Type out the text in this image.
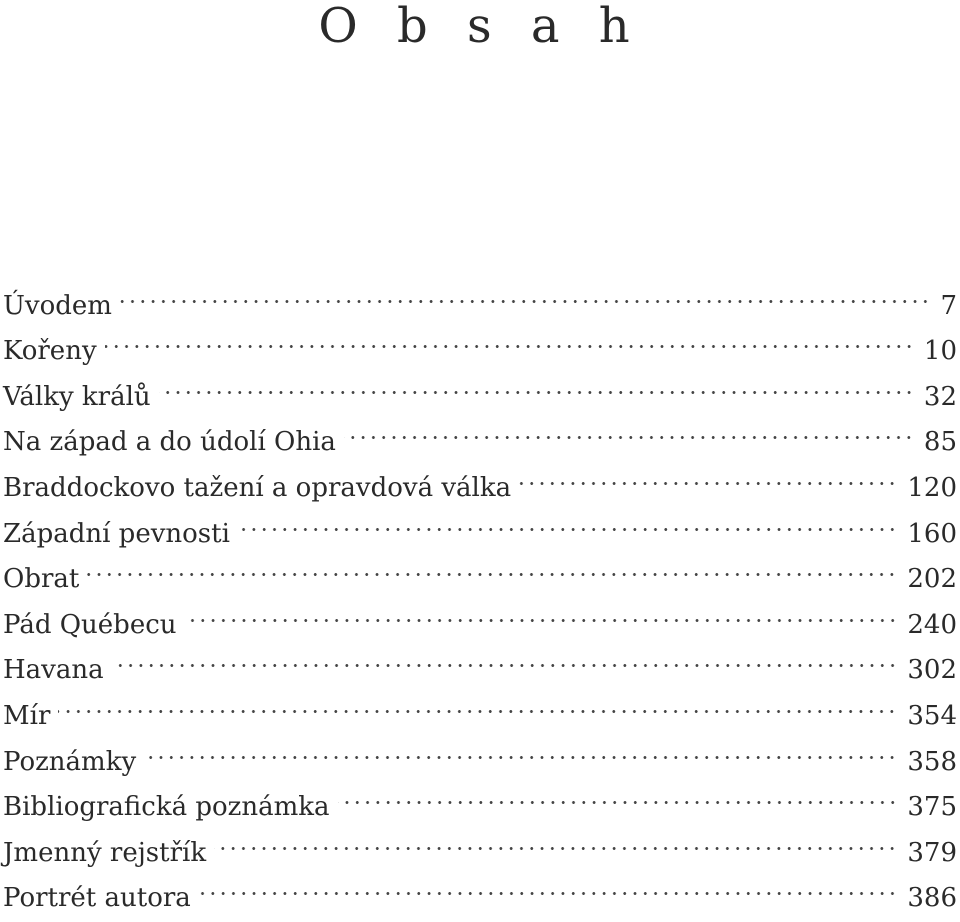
O b s a h
Úvodem	7
Kořeny	10
Války králů	32
Na západ a do údolí Ohia	85
Braddockovo tažení a opravdová válka	120
Západní pevnosti	160
Obrat	202
Pád Québecu	240
Havana	302
Mír	354
Poznámky	358
Bibliografická poznámka	375
Jmenný rejstřík	379
Portrét autora	386
